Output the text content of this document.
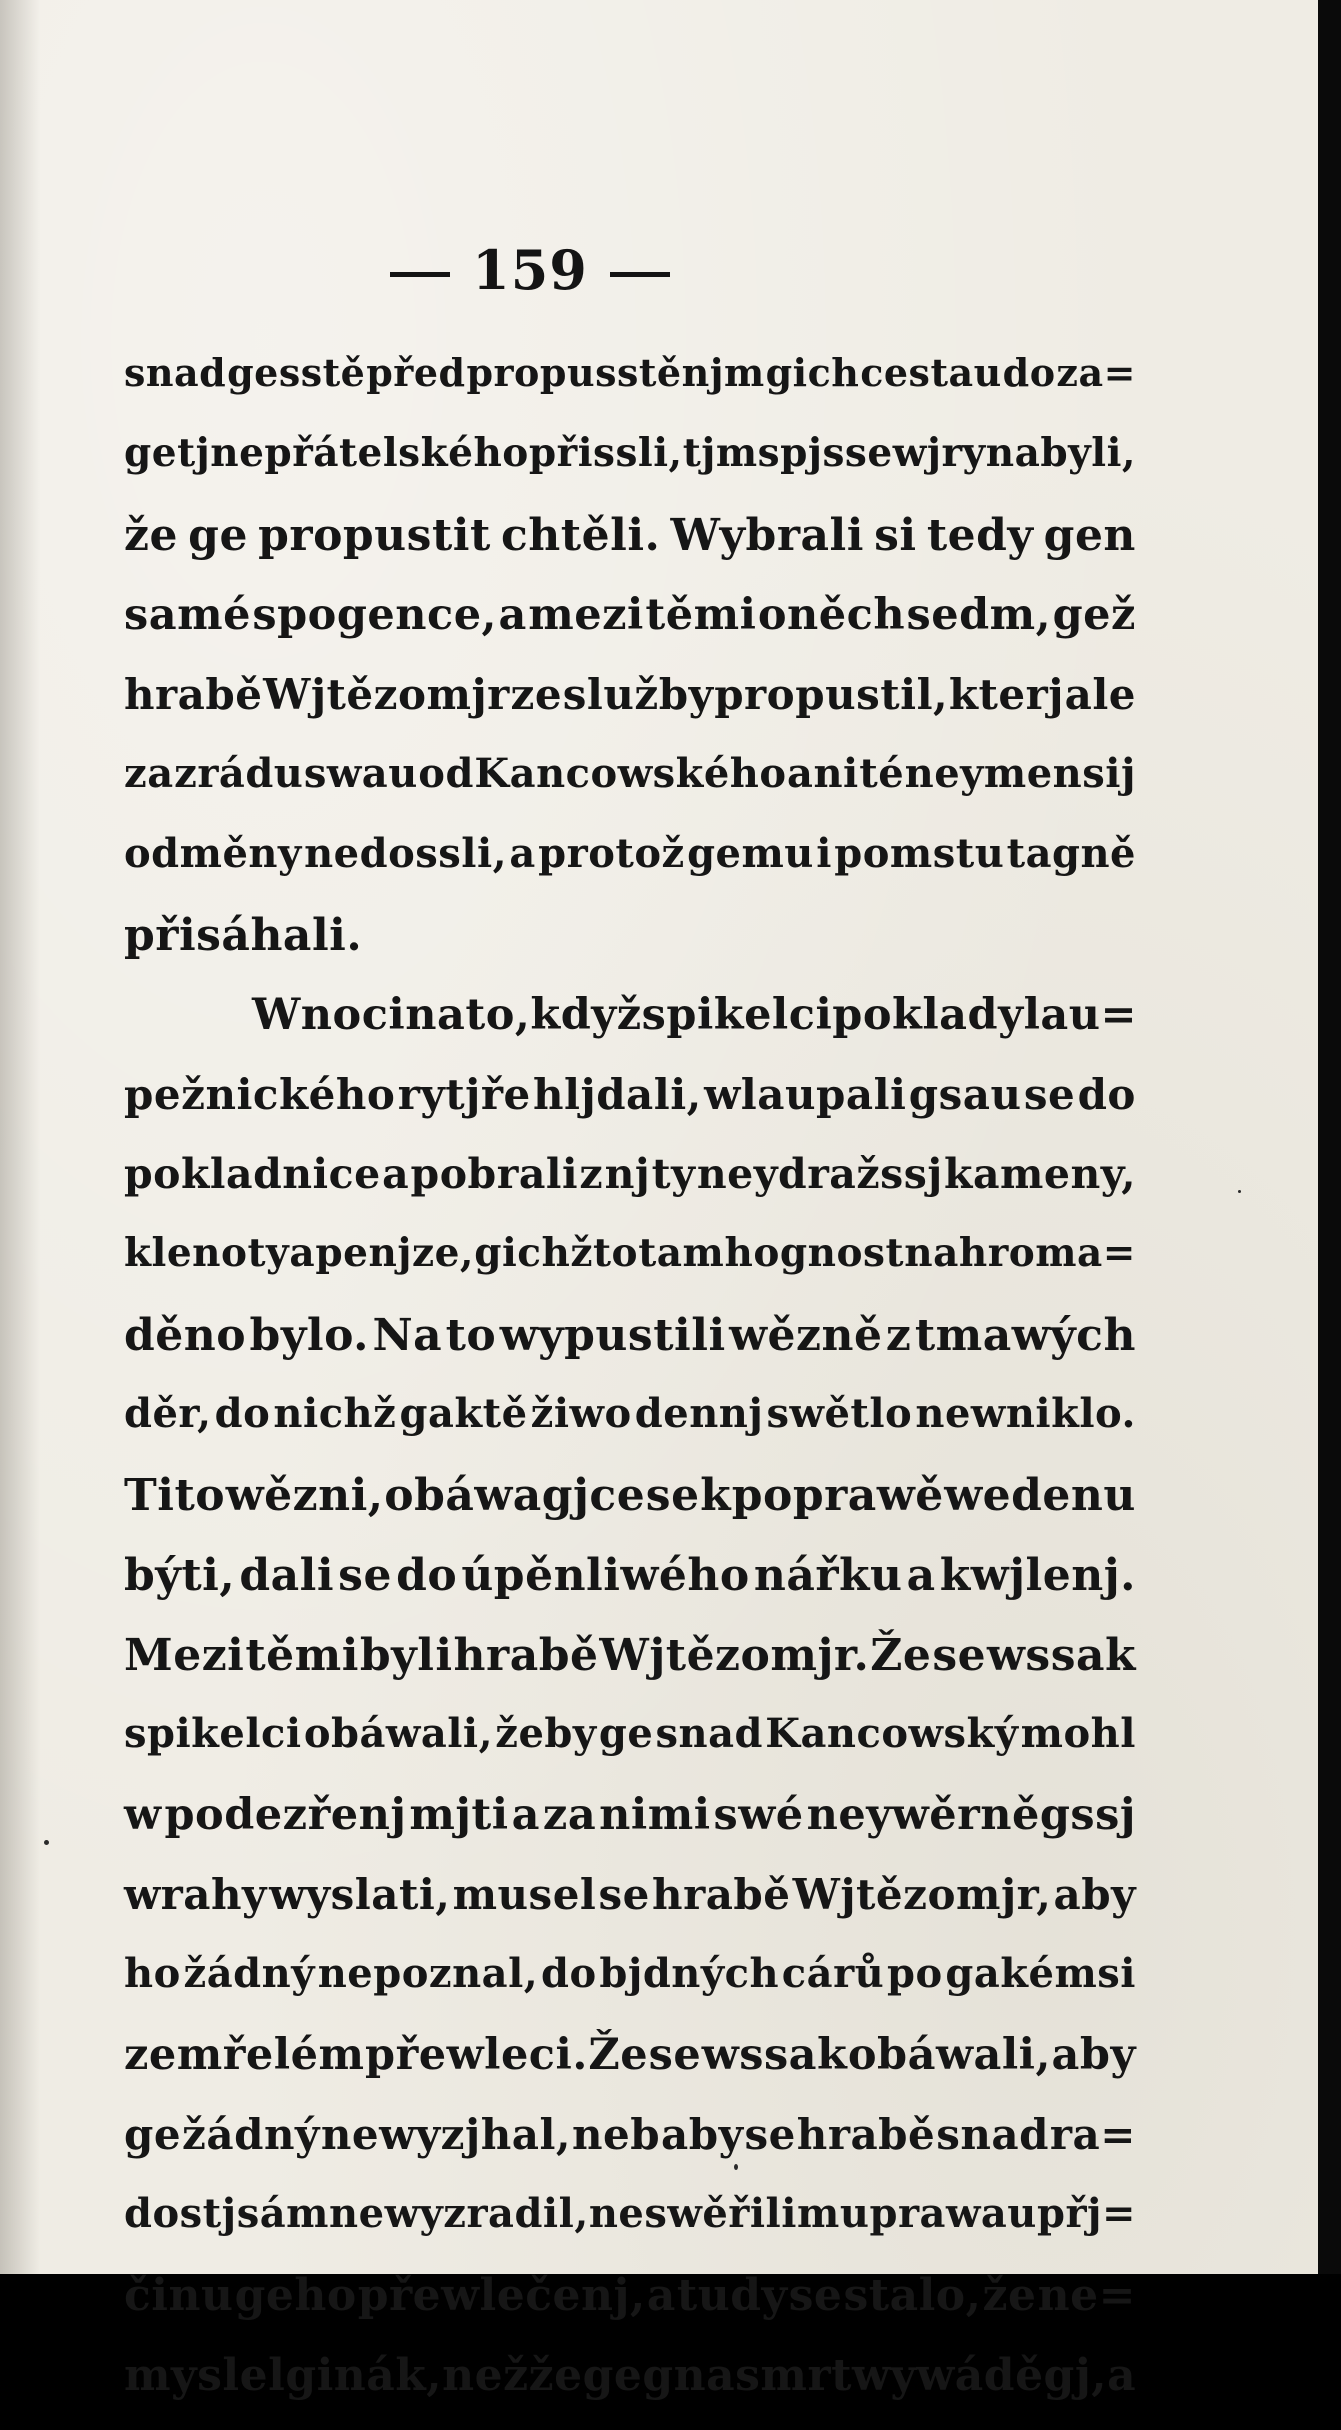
159
snad gesstě před propusstěnjm gich cestau do za=
getj nepřátelského přissli, tjm spjsse wjry nabyli,
že ge propustit chtěli. Wybrali si tedy gen
samé spogence, a mezi těmi oněch sedm, gež
hrabě Wjtězomjr ze služby propustil, kterj ale
za zrádu swau od Kancowského ani té neymensij
odměny nedossli, a protož gemu i pomstu tagně
přisáhali.
W noci na to, když spikelci poklady lau=
pežnického rytjře hljdali, wlaupali gsau se do
pokladnice a pobrali z nj ty neydražssj kameny,
klenoty a penjze, gichžto tam hognost nahroma=
děno bylo. Na to wypustili wězně z tmawých
děr, do nichž gaktě žiwo dennj swětlo newniklo.
Tito wězni, obáwagjce se k poprawě wedenu
býti, dali se do úpěnliwého nářku a kwjlenj.
Mezi těmi byl i hrabě Wjtězomjr. Že se wssak
spikelci obáwali, žeby ge snad Kancowský mohl
w podezřenj mjti a za nimi swé neywěrněgssj
wrahy wyslati, musel se hrabě Wjtězomjr, aby
ho žádný nepoznal, do bjdných cárů po gakémsi
zemřelém přewleci. Že se wssak obáwali, aby
ge žádný newyzjhal, neb aby se hrabě snad ra=
dostj sám newyzradil, neswěřili mu prawau přj=
činu geho přewlečenj, a tudy se stalo, že ne=
myslel ginák, než že geg na smrt wywáděgj, a
